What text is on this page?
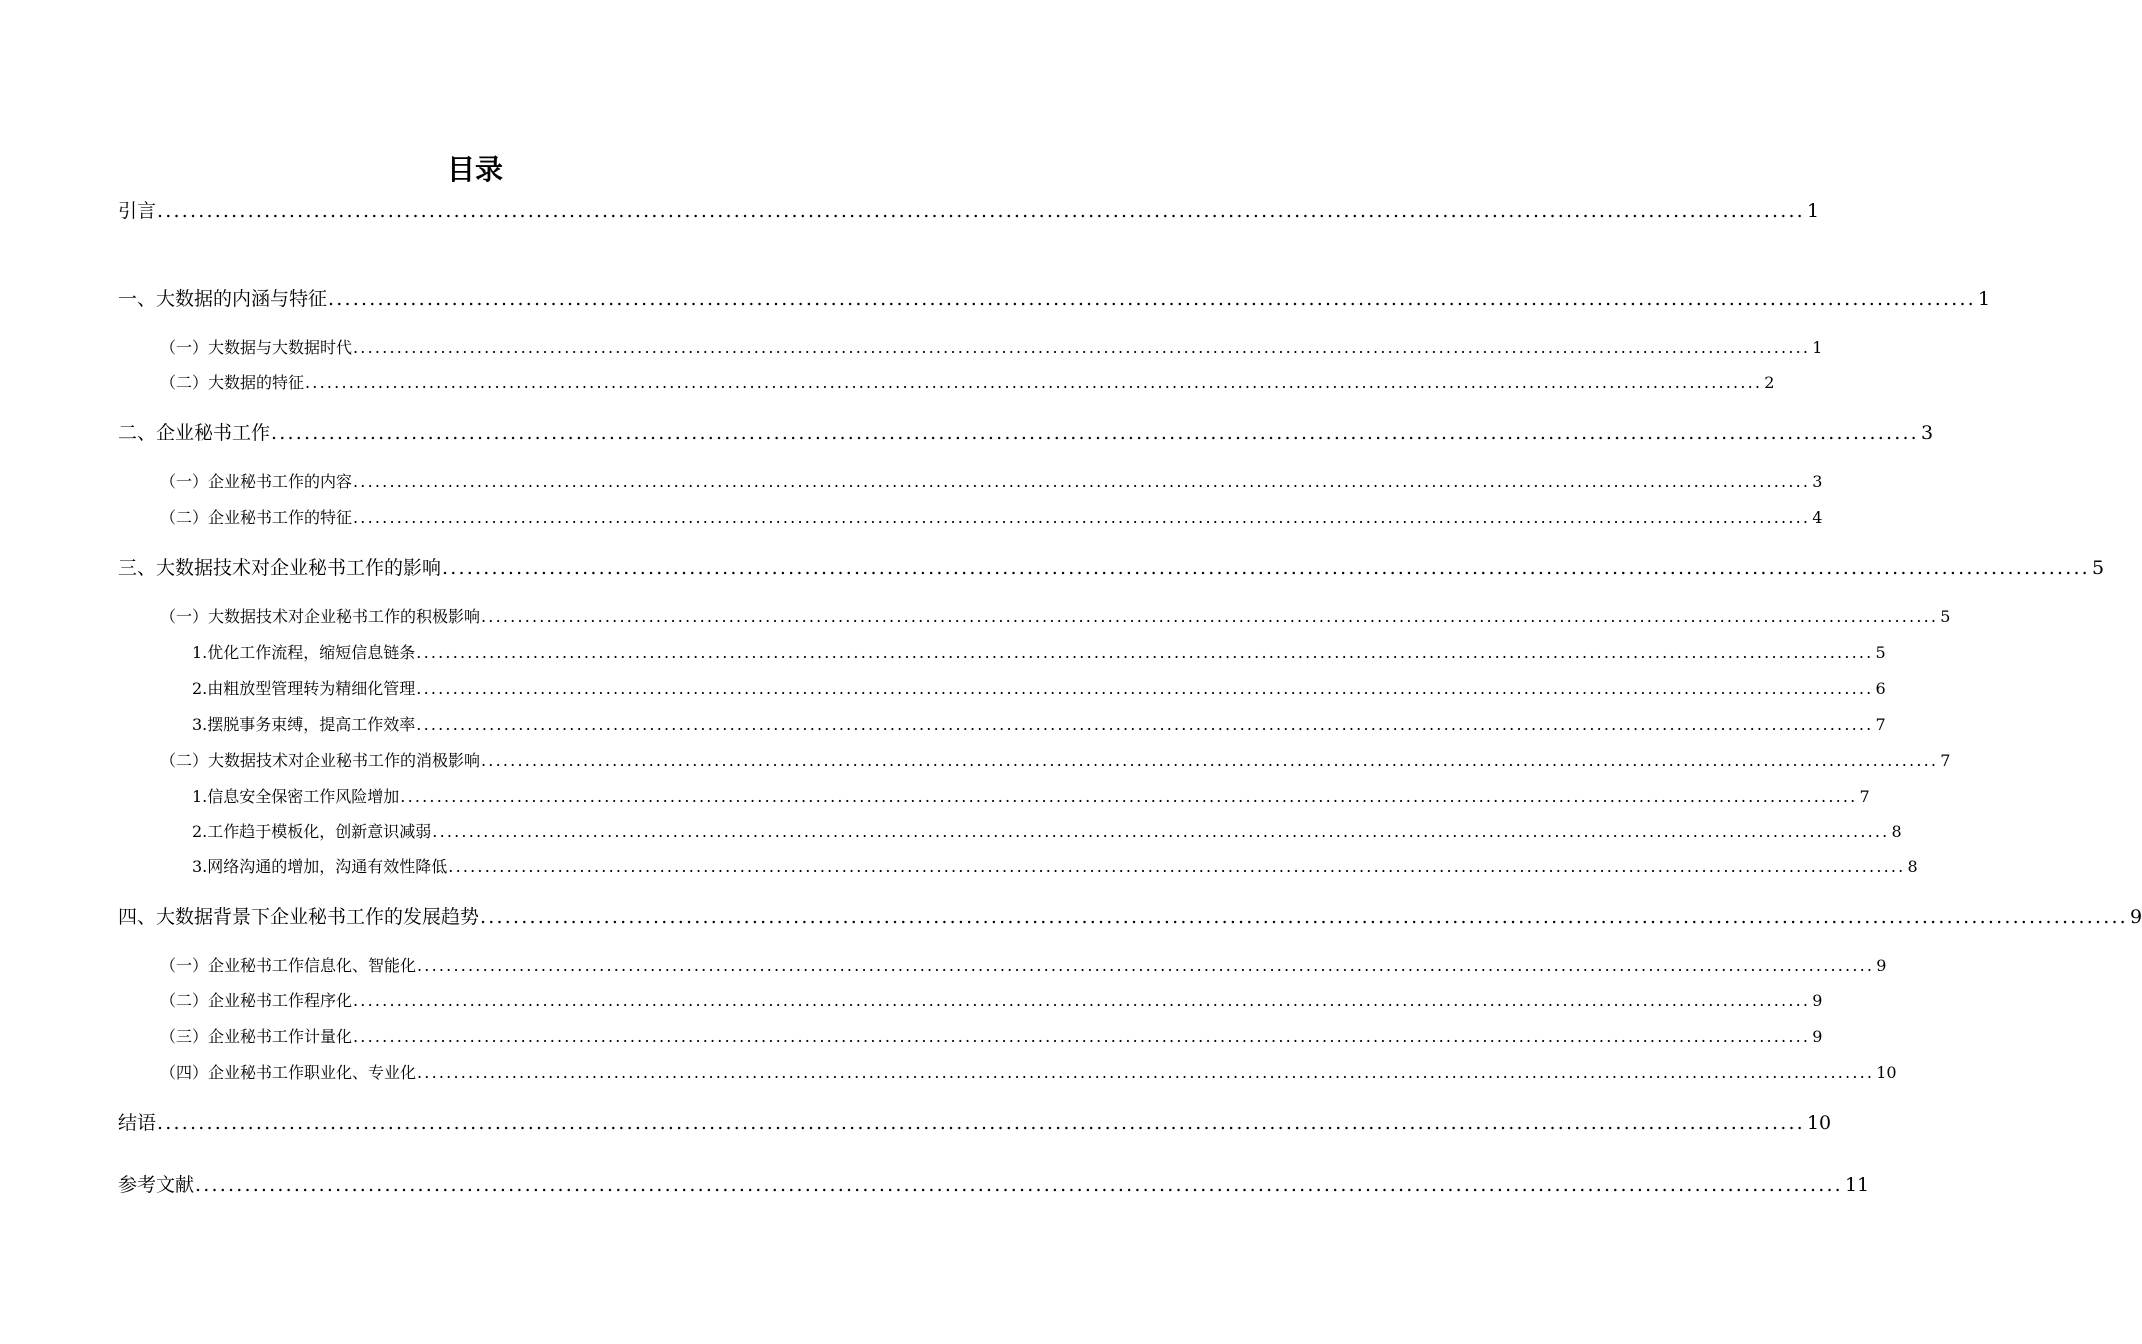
目录
引言 ........................................................................................................................................................................................................ 1
一、大数据的内涵与特征 ........................................................................................................................................................................................................ 1
（一）大数据与大数据时代 ........................................................................................................................................................................................................ 1
（二）大数据的特征 ........................................................................................................................................................................................................ 2
二、企业秘书工作 ........................................................................................................................................................................................................ 3
（一）企业秘书工作的内容 ........................................................................................................................................................................................................ 3
（二）企业秘书工作的特征 ........................................................................................................................................................................................................ 4
三、大数据技术对企业秘书工作的影响 ........................................................................................................................................................................................................ 5
（一）大数据技术对企业秘书工作的积极影响 ........................................................................................................................................................................................................ 5
1.优化工作流程，缩短信息链条 ........................................................................................................................................................................................................ 5
2.由粗放型管理转为精细化管理 ........................................................................................................................................................................................................ 6
3.摆脱事务束缚，提高工作效率 ........................................................................................................................................................................................................ 7
（二）大数据技术对企业秘书工作的消极影响 ........................................................................................................................................................................................................ 7
1.信息安全保密工作风险增加 ........................................................................................................................................................................................................ 7
2.工作趋于模板化，创新意识减弱 ........................................................................................................................................................................................................ 8
3.网络沟通的增加，沟通有效性降低 ........................................................................................................................................................................................................ 8
四、大数据背景下企业秘书工作的发展趋势 ........................................................................................................................................................................................................ 9
（一）企业秘书工作信息化、智能化 ........................................................................................................................................................................................................ 9
（二）企业秘书工作程序化 ........................................................................................................................................................................................................ 9
（三）企业秘书工作计量化 ........................................................................................................................................................................................................ 9
（四）企业秘书工作职业化、专业化 ........................................................................................................................................................................................................ 10
结语 ........................................................................................................................................................................................................ 10
参考文献 ........................................................................................................................................................................................................ 11
